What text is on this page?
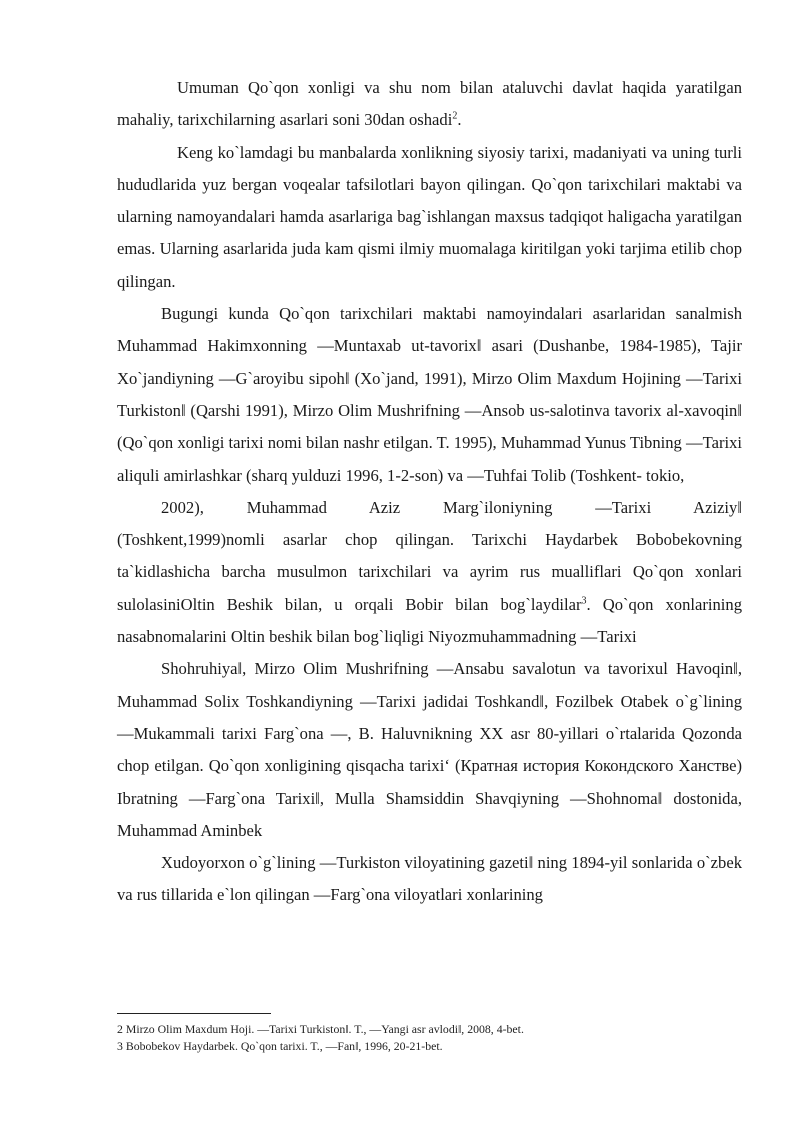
Umuman Qo`qon xonligi va shu nom bilan ataluvchi davlat haqida yaratilgan mahaliy, tarixchilarning asarlari soni 30dan oshadi$^2$.

Keng ko`lamdagi bu manbalarda xonlikning siyosiy tarixi, madaniyati va uning turli hududlarida yuz bergan voqealar tafsilotlari bayon qilingan. Qo`qon tarixchilari maktabi va ularning namoyandalari hamda asarlariga bag`ishlangan maxsus tadqiqot haligacha yaratilgan emas. Ularning asarlarida juda kam qismi ilmiy muomalaga kiritilgan yoki tarjima etilib chop qilingan.

Bugungi kunda Qo`qon tarixchilari maktabi namoyindalari asarlaridan sanalmish Muhammad Hakimxonning ―Muntaxab ut-tavorix‖ asari (Dushanbe, 1984-1985), Tajir Xo`jandiyning ―G`aroyibu sipoh‖ (Xo`jand, 1991), Mirzo Olim Maxdum Hojining ―Tarixi Turkiston‖ (Qarshi 1991), Mirzo Olim Mushrifning ―Ansob us-salotinva tavorix al-xavoqin‖ (Qo`qon xonligi tarixi nomi bilan nashr etilgan. T. 1995), Muhammad Yunus Tibning ―Tarixi aliquli amirlashkar (sharq yulduzi 1996, 1-2-son) va ―Tuhfai Tolib (Toshkent- tokio,

2002), Muhammad Aziz Marg`iloniyning ―Tarixi Aziziy‖

(Toshkent,1999)nomli asarlar chop qilingan. Tarixchi Haydarbek Bobobekovning ta`kidlashicha barcha musulmon tarixchilari va ayrim rus mualliflari Qo`qon xonlari sulolasiniOltin Beshik bilan, u orqali Bobir bilan bog`laydilar$^3$. Qo`qon xonlarining nasabnomalarini Oltin beshik bilan bog`liqligi Niyozmuhammadning ―Tarixi

Shohruhiya‖, Mirzo Olim Mushrifning ―Ansabu savalotun va tavorixul Havoqin‖, Muhammad Solix Toshkandiyning ―Tarixi jadidai Toshkand‖, Fozilbek Otabek o`g`lining ―Mukammali tarixi Farg`ona ―, B. Haluvnikning XX asr 80-yillari o`rtalarida Qozonda chop etilgan. Qo`qon xonligining qisqacha tarixi‘ (Кратная история Кокондского Ханстве) Ibratning ―Farg`ona Tarixi‖, Mulla Shamsiddin Shavqiyning ―Shohnoma‖ dostonida, Muhammad Aminbek

Xudoyorxon o`g`lining ―Turkiston viloyatining gazeti‖ ning 1894-yil sonlarida o`zbek va rus tillarida e`lon qilingan ―Farg`ona viloyatlari xonlarining

2 Mirzo Olim Maxdum Hoji. ―Tarixi Turkiston‖. T., ―Yangi asr avlodi‖, 2008, 4-bet.

3 Bobobekov Haydarbek. Qo`qon tarixi. T., ―Fan‖, 1996, 20-21-bet.
